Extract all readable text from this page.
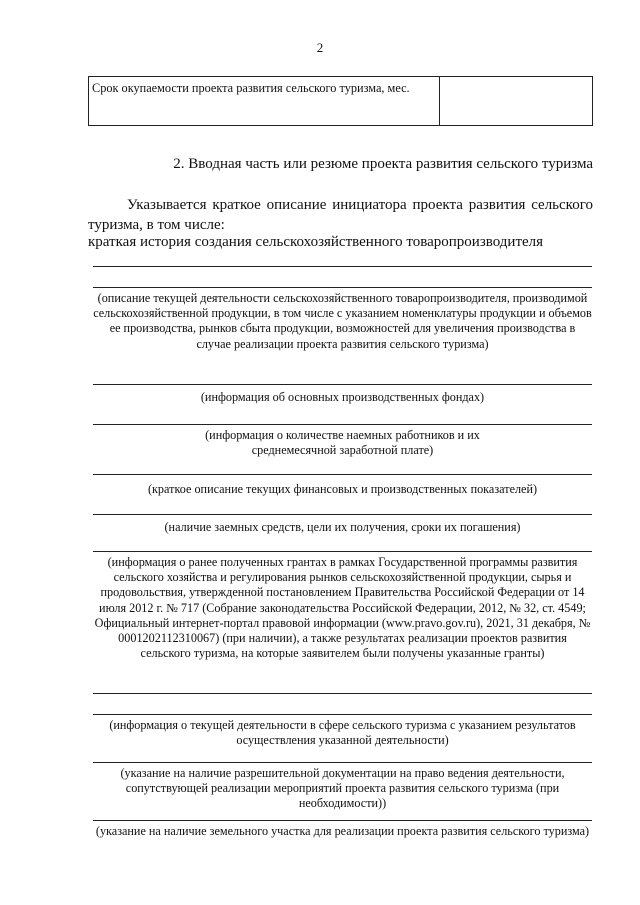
2
Срок окупаемости проекта развития сельского туризма, мес.	
2. Вводная часть или резюме проекта развития сельского туризма
Указывается краткое описание инициатора проекта развития сельского туризма, в том числе:
краткая история создания сельскохозяйственного товаропроизводителя
(описание текущей деятельности сельскохозяйственного товаропроизводителя, производимой сельскохозяйственной продукции, в том числе с указанием номенклатуры продукции и объемов ее производства, рынков сбыта продукции, возможностей для увеличения производства в случае реализации проекта развития сельского туризма)
(информация об основных производственных фондах)
(информация о количестве наемных работников и их среднемесячной заработной плате)
(краткое описание текущих финансовых и производственных показателей)
(наличие заемных средств, цели их получения, сроки их погашения)
(информация о ранее полученных грантах в рамках Государственной программы развития сельского хозяйства и регулирования рынков сельскохозяйственной продукции, сырья и продовольствия, утвержденной постановлением Правительства Российской Федерации от 14 июля 2012 г. № 717 (Собрание законодательства Российской Федерации, 2012, № 32, ст. 4549; Официальный интернет-портал правовой информации (www.pravo.gov.ru), 2021, 31 декабря, № 0001202112310067) (при наличии), а также результатах реализации проектов развития сельского туризма, на которые заявителем были получены указанные гранты)
(информация о текущей деятельности в сфере сельского туризма с указанием результатов осуществления указанной деятельности)
(указание на наличие разрешительной документации на право ведения деятельности, сопутствующей реализации мероприятий проекта развития сельского туризма (при необходимости))
(указание на наличие земельного участка для реализации проекта развития сельского туризма)
